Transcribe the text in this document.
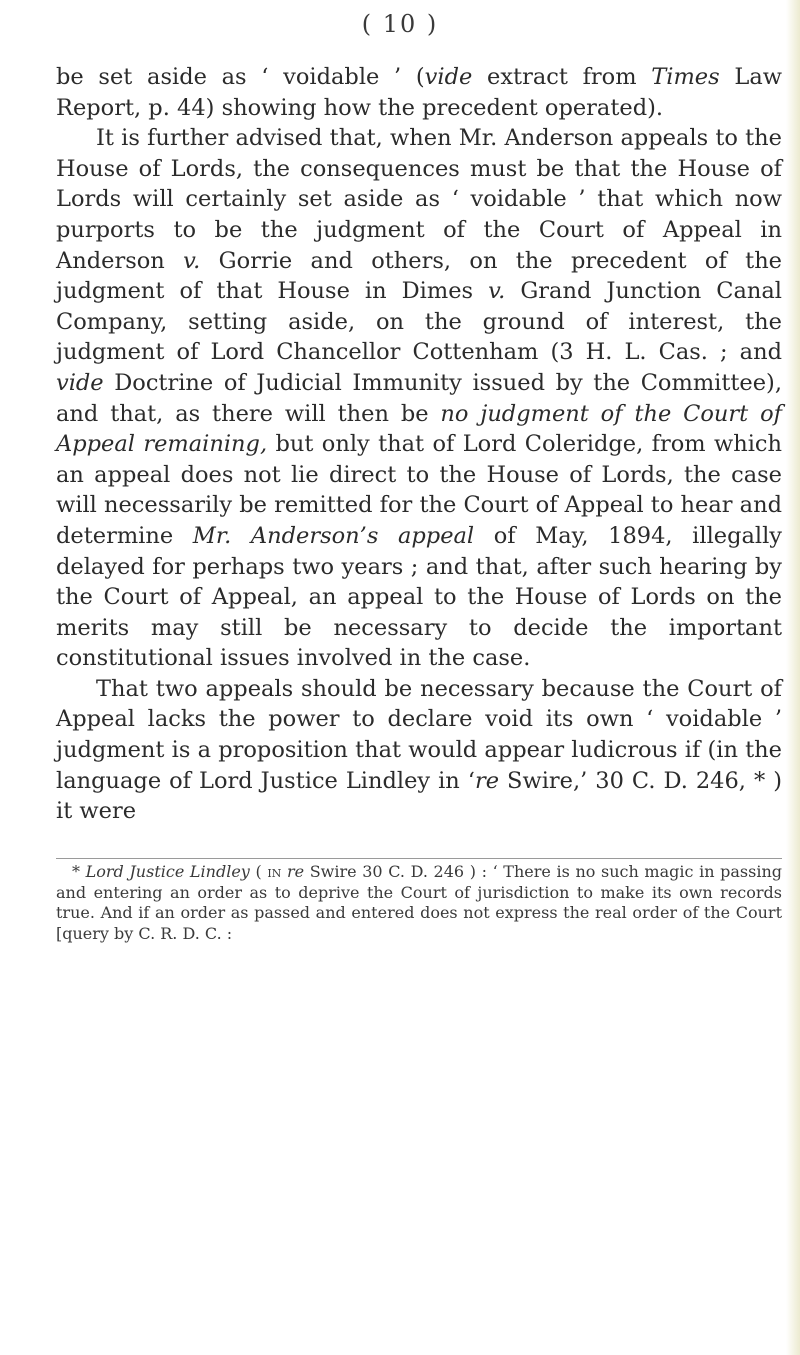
( 10 )

be set aside as ‘ voidable ’ (vide extract from Times Law Report, p. 44) showing how the precedent operated).

It is further advised that, when Mr. Anderson appeals to the House of Lords, the consequences must be that the House of Lords will certainly set aside as ‘ voidable ’ that which now purports to be the judgment of the Court of Appeal in Anderson v. Gorrie and others, on the precedent of the judgment of that House in Dimes v. Grand Junction Canal Company, setting aside, on the ground of interest, the judgment of Lord Chancellor Cottenham (3 H. L. Cas. ; and vide Doctrine of Judicial Immunity issued by the Committee), and that, as there will then be no judgment of the Court of Appeal remaining, but only that of Lord Coleridge, from which an appeal does not lie direct to the House of Lords, the case will necessarily be remitted for the Court of Appeal to hear and determine Mr. Anderson’s appeal of May, 1894, illegally delayed for perhaps two years ; and that, after such hearing by the Court of Appeal, an appeal to the House of Lords on the merits may still be necessary to decide the important constitutional issues involved in the case.

That two appeals should be necessary because the Court of Appeal lacks the power to declare void its own ‘ voidable ’ judgment is a proposition that would appear ludicrous if (in the language of Lord Justice Lindley in ‘re Swire,’ 30 C. D. 246, * ) it were

* Lord Justice Lindley ( in re Swire 30 C. D. 246 ) : ‘ There is no such magic in passing and entering an order as to deprive the Court of jurisdiction to make its own records true. And if an order as passed and entered does not express the real order of the Court [query by C. R. D. C. :
